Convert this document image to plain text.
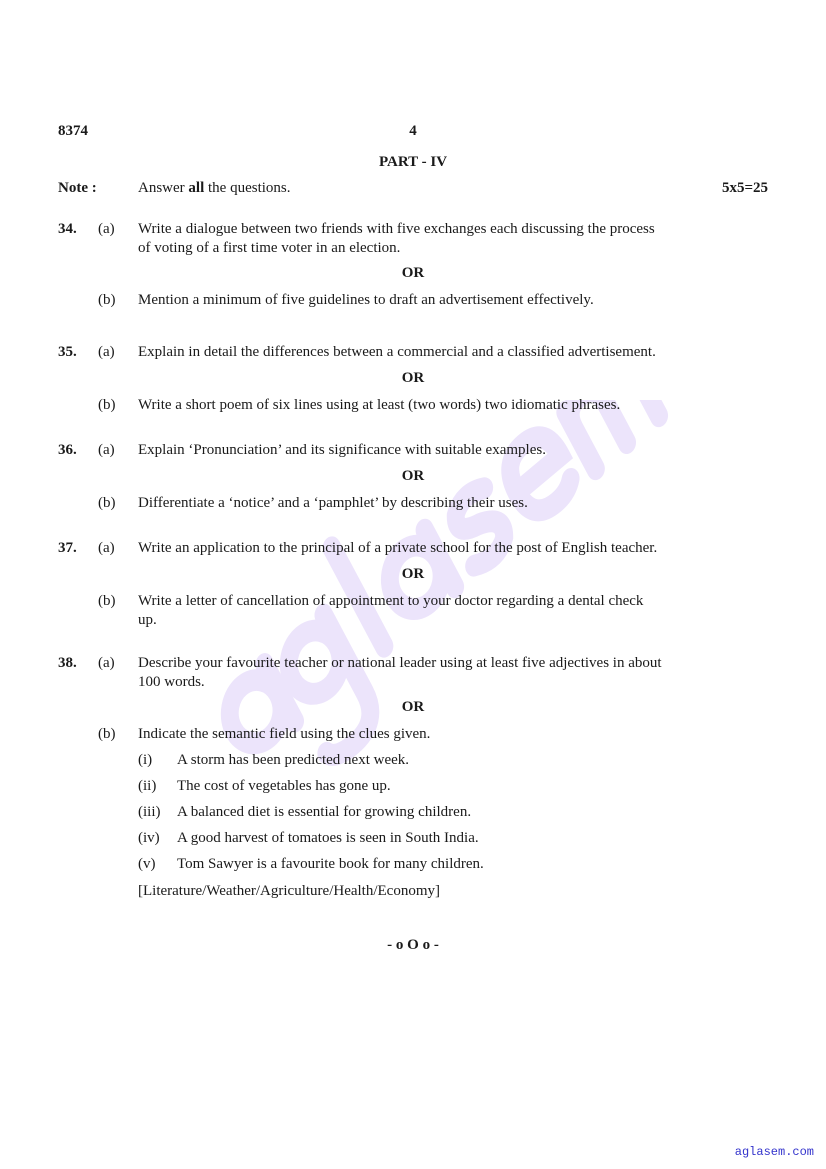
8374	4
PART - IV
Note :	Answer all the questions.	5x5=25
34. (a) Write a dialogue between two friends with five exchanges each discussing the process
of voting of a first time voter in an election.
OR
(b) Mention a minimum of five guidelines to draft an advertisement effectively.
35. (a) Explain in detail the differences between a commercial and a classified advertisement.
OR
(b) Write a short poem of six lines using at least (two words) two idiomatic phrases.
36. (a) Explain ‘Pronunciation’ and its significance with suitable examples.
OR
(b) Differentiate a ‘notice’ and a ‘pamphlet’ by describing their uses.
37. (a) Write an application to the principal of a private school for the post of English teacher.
OR
(b) Write a letter of cancellation of appointment to your doctor regarding a dental check
up.
38. (a) Describe your favourite teacher or national leader using at least five adjectives in about
100 words.
OR
(b) Indicate the semantic field using the clues given.
(i) A storm has been predicted next week.
(ii) The cost of vegetables has gone up.
(iii) A balanced diet is essential for growing children.
(iv) A good harvest of tomatoes is seen in South India.
(v) Tom Sawyer is a favourite book for many children.
[Literature/Weather/Agriculture/Health/Economy]
- o O o -
aglasem.com
